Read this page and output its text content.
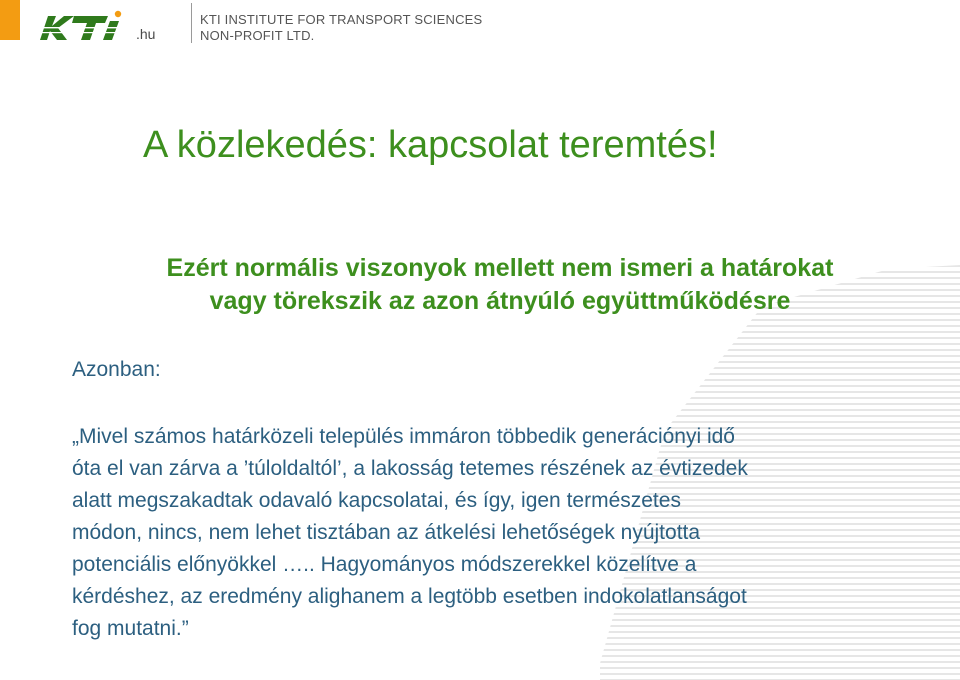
.hu
KTI INSTITUTE FOR TRANSPORT SCIENCES
NON-PROFIT LTD.
A közlekedés: kapcsolat teremtés!

Ezért normális viszonyok mellett nem ismeri a határokat
vagy törekszik az azon átnyúló együttműködésre

Azonban:

„Mivel számos határközeli település immáron többedik generációnyi idő
óta el van zárva a ’túloldaltól’, a lakosság tetemes részének az évtizedek
alatt megszakadtak odavaló kapcsolatai, és így, igen természetes
módon, nincs, nem lehet tisztában az átkelési lehetőségek nyújtotta
potenciális előnyökkel ….. Hagyományos módszerekkel közelítve a
kérdéshez, az eredmény alighanem a legtöbb esetben indokolatlanságot
fog mutatni.”
